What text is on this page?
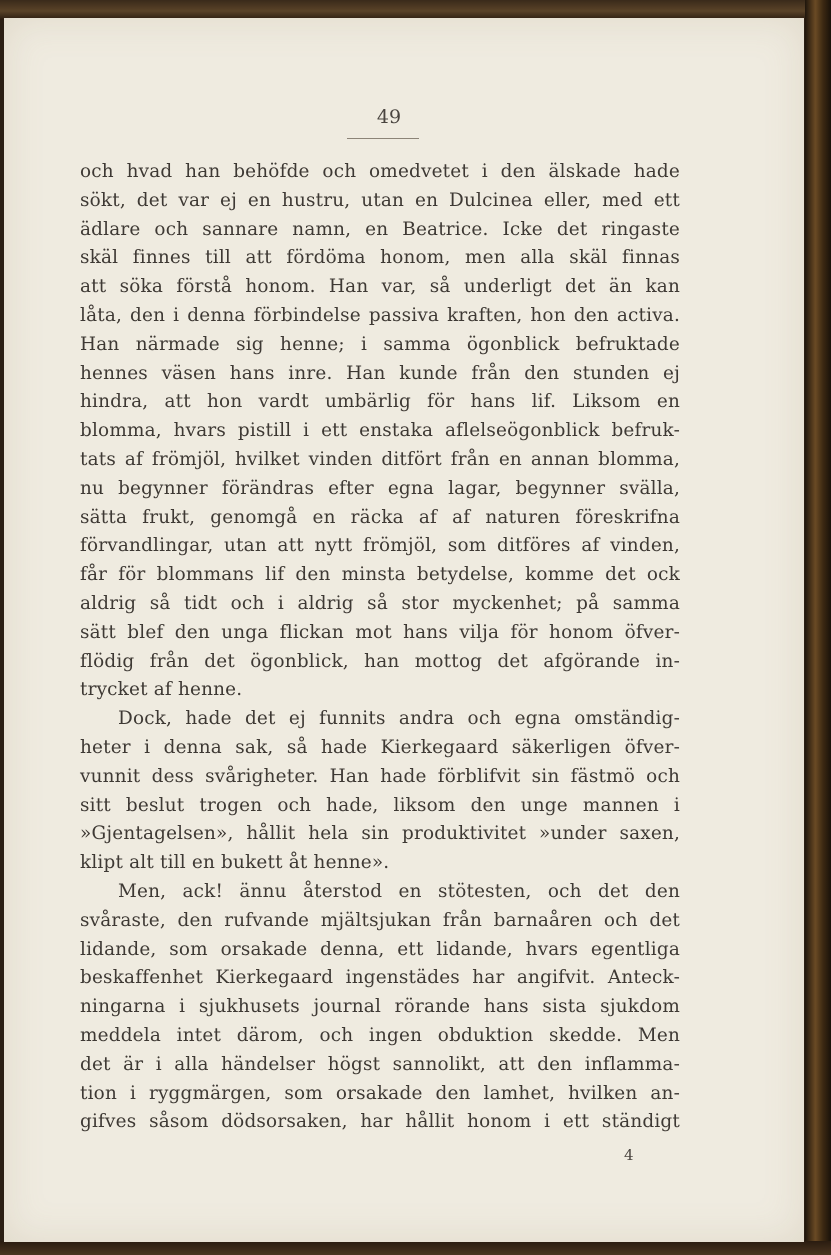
49
och hvad han behöfde och omedvetet i den älskade hade
sökt, det var ej en hustru, utan en Dulcinea eller, med ett
ädlare och sannare namn, en Beatrice. Icke det ringaste
skäl finnes till att fördöma honom, men alla skäl finnas
att söka förstå honom. Han var, så underligt det än kan
låta, den i denna förbindelse passiva kraften, hon den activa.
Han närmade sig henne; i samma ögonblick befruktade
hennes väsen hans inre. Han kunde från den stunden ej
hindra, att hon vardt umbärlig för hans lif. Liksom en
blomma, hvars pistill i ett enstaka aflelseögonblick befruk-
tats af frömjöl, hvilket vinden ditfört från en annan blomma,
nu begynner förändras efter egna lagar, begynner svälla,
sätta frukt, genomgå en räcka af af naturen föreskrifna
förvandlingar, utan att nytt frömjöl, som ditföres af vinden,
får för blommans lif den minsta betydelse, komme det ock
aldrig så tidt och i aldrig så stor myckenhet; på samma
sätt blef den unga flickan mot hans vilja för honom öfver-
flödig från det ögonblick, han mottog det afgörande in-
trycket af henne.
Dock, hade det ej funnits andra och egna omständig-
heter i denna sak, så hade Kierkegaard säkerligen öfver-
vunnit dess svårigheter. Han hade förblifvit sin fästmö och
sitt beslut trogen och hade, liksom den unge mannen i
»Gjentagelsen», hållit hela sin produktivitet »under saxen,
klipt alt till en bukett åt henne».
Men, ack! ännu återstod en stötesten, och det den
svåraste, den rufvande mjältsjukan från barnaåren och det
lidande, som orsakade denna, ett lidande, hvars egentliga
beskaffenhet Kierkegaard ingenstädes har angifvit. Anteck-
ningarna i sjukhusets journal rörande hans sista sjukdom
meddela intet därom, och ingen obduktion skedde. Men
det är i alla händelser högst sannolikt, att den inflamma-
tion i ryggmärgen, som orsakade den lamhet, hvilken an-
gifves såsom dödsorsaken, har hållit honom i ett ständigt
4
